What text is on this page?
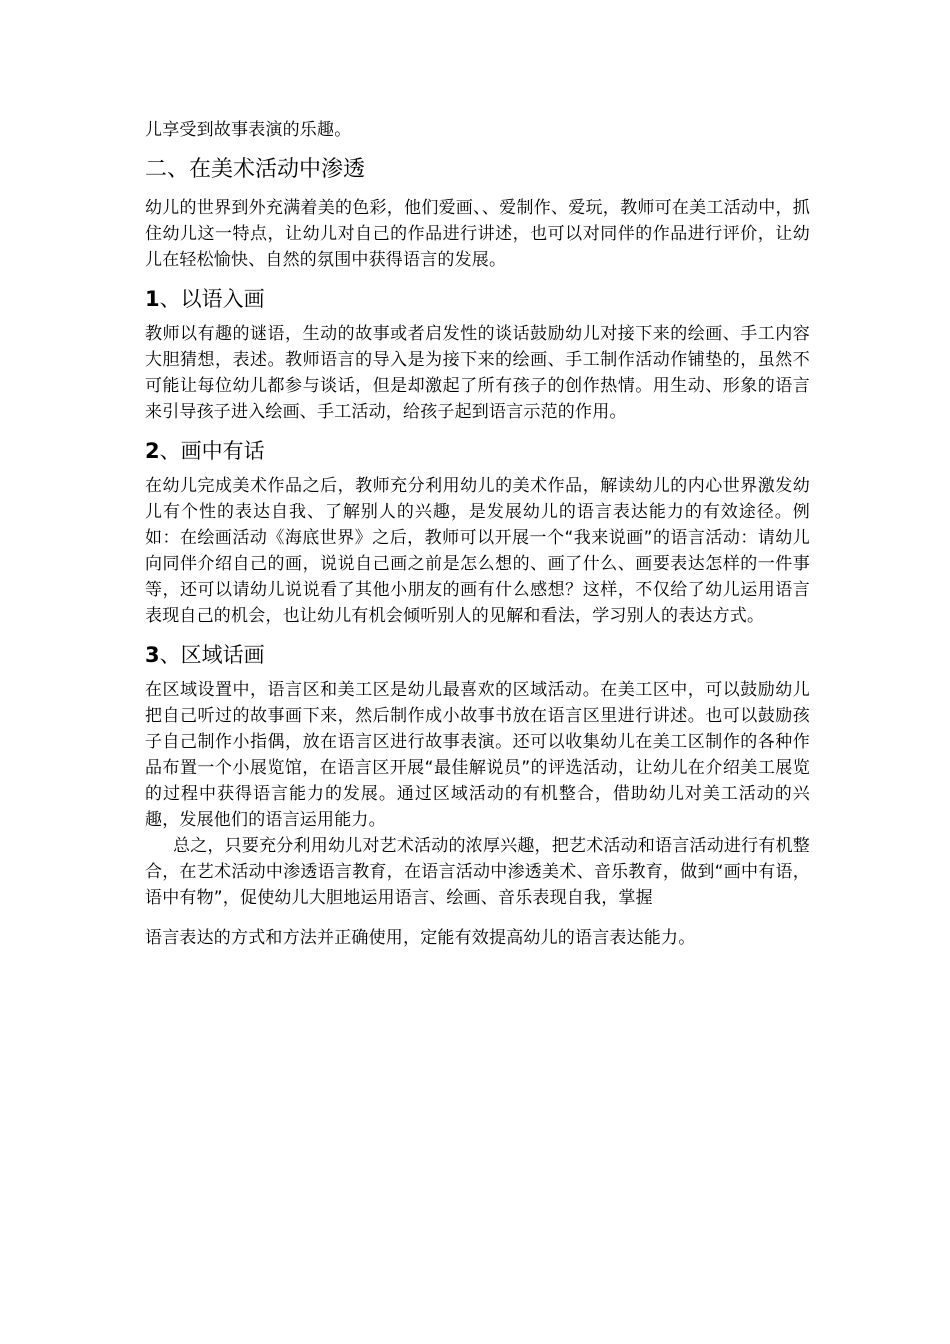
儿享受到故事表演的乐趣。

二、在美术活动中渗透

幼儿的世界到外充满着美的色彩，他们爱画、、爱制作、爱玩，教师可在美工活动中，抓住幼儿这一特点，让幼儿对自己的作品进行讲述，也可以对同伴的作品进行评价，让幼儿在轻松愉快、自然的氛围中获得语言的发展。

1、以语入画

教师以有趣的谜语，生动的故事或者启发性的谈话鼓励幼儿对接下来的绘画、手工内容大胆猜想，表述。教师语言的导入是为接下来的绘画、手工制作活动作铺垫的，虽然不可能让每位幼儿都参与谈话，但是却激起了所有孩子的创作热情。用生动、形象的语言来引导孩子进入绘画、手工活动，给孩子起到语言示范的作用。

2、画中有话

在幼儿完成美术作品之后，教师充分利用幼儿的美术作品，解读幼儿的内心世界激发幼儿有个性的表达自我、了解别人的兴趣，是发展幼儿的语言表达能力的有效途径。例如：在绘画活动《海底世界》之后，教师可以开展一个“我来说画”的语言活动：请幼儿向同伴介绍自己的画，说说自己画之前是怎么想的、画了什么、画要表达怎样的一件事等，还可以请幼儿说说看了其他小朋友的画有什么感想？这样，不仅给了幼儿运用语言表现自己的机会，也让幼儿有机会倾听别人的见解和看法，学习别人的表达方式。

3、区域话画

在区域设置中，语言区和美工区是幼儿最喜欢的区域活动。在美工区中，可以鼓励幼儿把自己听过的故事画下来，然后制作成小故事书放在语言区里进行讲述。也可以鼓励孩子自己制作小指偶，放在语言区进行故事表演。还可以收集幼儿在美工区制作的各种作品布置一个小展览馆，在语言区开展“最佳解说员”的评选活动，让幼儿在介绍美工展览的过程中获得语言能力的发展。通过区域活动的有机整合，借助幼儿对美工活动的兴趣，发展他们的语言运用能力。

总之，只要充分利用幼儿对艺术活动的浓厚兴趣，把艺术活动和语言活动进行有机整合，在艺术活动中渗透语言教育，在语言活动中渗透美术、音乐教育，做到“画中有语，语中有物”，促使幼儿大胆地运用语言、绘画、音乐表现自我，掌握

语言表达的方式和方法并正确使用，定能有效提高幼儿的语言表达能力。
